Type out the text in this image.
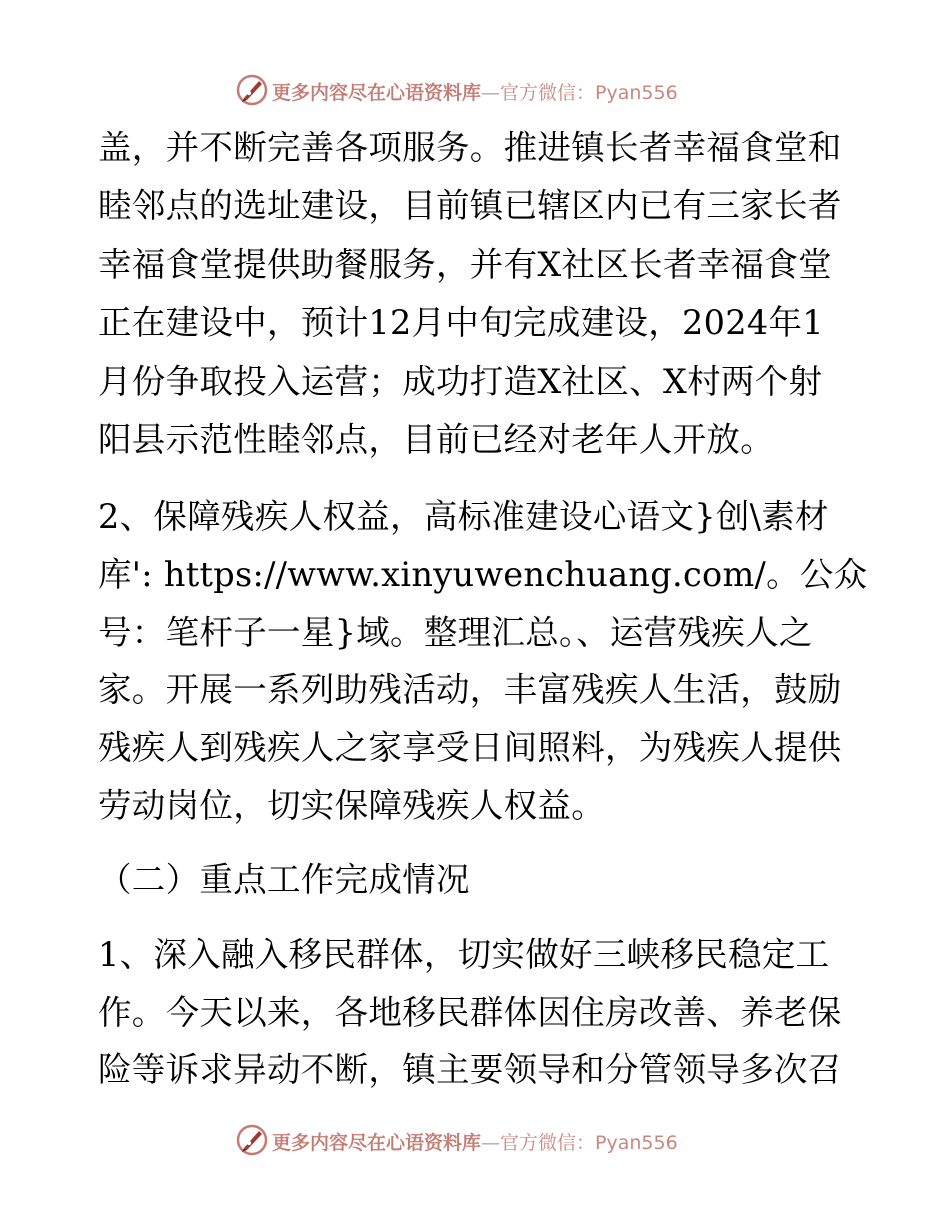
更多内容尽在心语资料库—官方微信：Pyan556

盖，并不断完善各项服务。推进镇长者幸福食堂和

睦邻点的选址建设，目前镇已辖区内已有三家长者

幸福食堂提供助餐服务，并有X社区长者幸福食堂

正在建设中，预计12月中旬完成建设，2024年1

月份争取投入运营；成功打造X社区、X村两个射

阳县示范性睦邻点，目前已经对老年人开放。

2、保障残疾人权益，高标准建设心语文}创\素材

库': https://www.xinyuwenchuang.com/。公众

号：笔杆子一星}域。整理汇总。、运营残疾人之

家。开展一系列助残活动，丰富残疾人生活，鼓励

残疾人到残疾人之家享受日间照料，为残疾人提供

劳动岗位，切实保障残疾人权益。

（二）重点工作完成情况

1、深入融入移民群体，切实做好三峡移民稳定工

作。今天以来，各地移民群体因住房改善、养老保

险等诉求异动不断，镇主要领导和分管领导多次召

更多内容尽在心语资料库—官方微信：Pyan556
